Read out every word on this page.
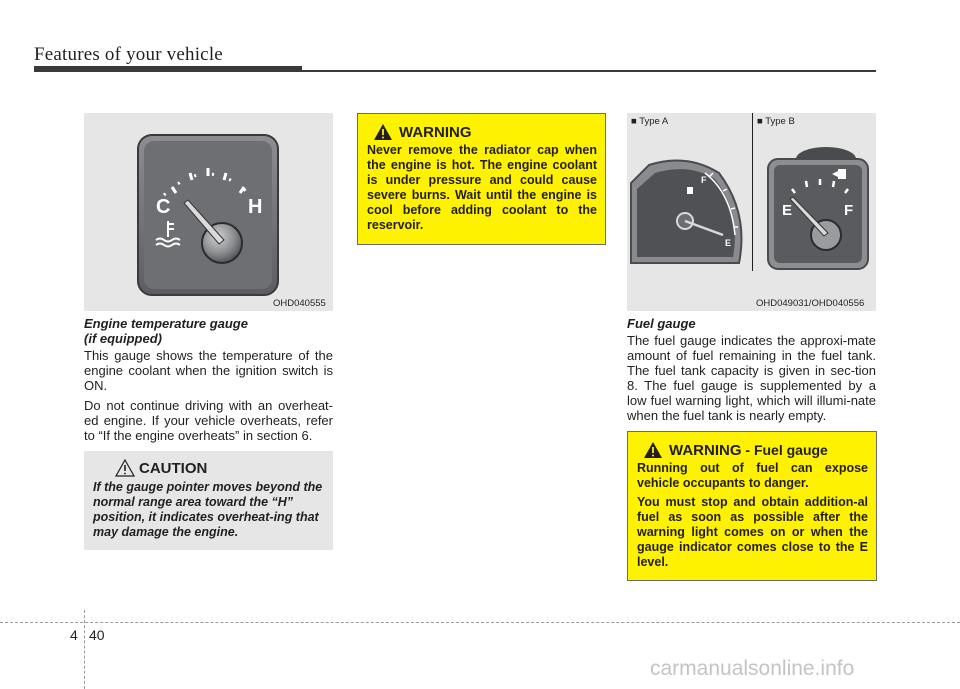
Features of your vehicle
C	H
OHD040555
Engine temperature gauge
(if equipped)

This gauge shows the temperature of the engine coolant when the ignition switch is ON.

Do not continue driving with an overheat-ed engine. If your vehicle overheats, refer to “If the engine overheats” in section 6.

CAUTION

If the gauge pointer moves beyond the normal range area toward the “H” position, it indicates overheat-ing that may damage the engine.

WARNING

Never remove the radiator cap when the engine is hot. The engine coolant is under pressure and could cause severe burns. Wait until the engine is cool before adding coolant to the reservoir.

■ Type A	■ Type B
F
E
E	F
OHD049031/OHD040556
Fuel gauge

The fuel gauge indicates the approxi-mate amount of fuel remaining in the fuel tank. The fuel tank capacity is given in sec-tion 8. The fuel gauge is supplemented by a low fuel warning light, which will illumi-nate when the fuel tank is nearly empty.

WARNING - Fuel gauge

Running out of fuel can expose vehicle occupants to danger.

You must stop and obtain addition-al fuel as soon as possible after the warning light comes on or when the gauge indicator comes close to the E level.

4 40
carmanualsonline.info
